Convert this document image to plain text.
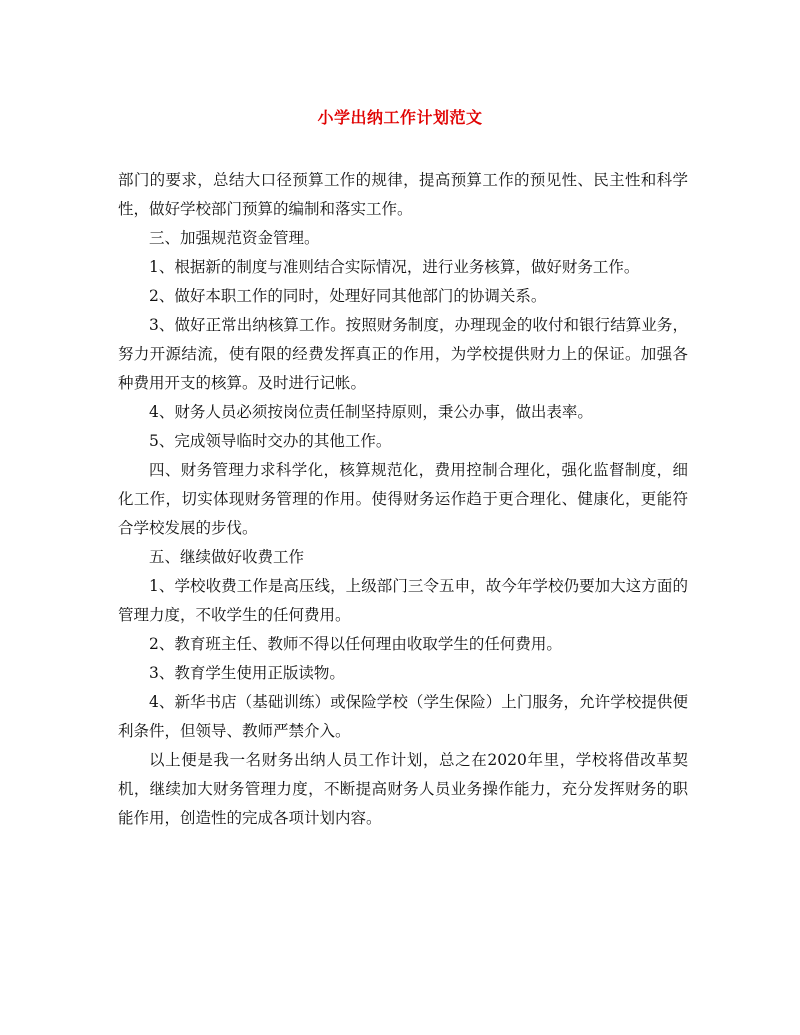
小学出纳工作计划范文

部门的要求，总结大口径预算工作的规律，提高预算工作的预见性、民主性和科学性，做好学校部门预算的编制和落实工作。

三、加强规范资金管理。

1、根据新的制度与准则结合实际情况，进行业务核算，做好财务工作。

2、做好本职工作的同时，处理好同其他部门的协调关系。

3、做好正常出纳核算工作。按照财务制度，办理现金的收付和银行结算业务，努力开源结流，使有限的经费发挥真正的作用，为学校提供财力上的保证。加强各种费用开支的核算。及时进行记帐。

4、财务人员必须按岗位责任制坚持原则，秉公办事，做出表率。

5、完成领导临时交办的其他工作。

四、财务管理力求科学化，核算规范化，费用控制合理化，强化监督制度，细化工作，切实体现财务管理的作用。使得财务运作趋于更合理化、健康化，更能符合学校发展的步伐。

五、继续做好收费工作

1、学校收费工作是高压线，上级部门三令五申，故今年学校仍要加大这方面的管理力度，不收学生的任何费用。

2、教育班主任、教师不得以任何理由收取学生的任何费用。

3、教育学生使用正版读物。

4、新华书店（基础训练）或保险学校（学生保险）上门服务，允许学校提供便利条件，但领导、教师严禁介入。

以上便是我一名财务出纳人员工作计划，总之在2020年里，学校将借改革契机，继续加大财务管理力度，不断提高财务人员业务操作能力，充分发挥财务的职能作用，创造性的完成各项计划内容。
